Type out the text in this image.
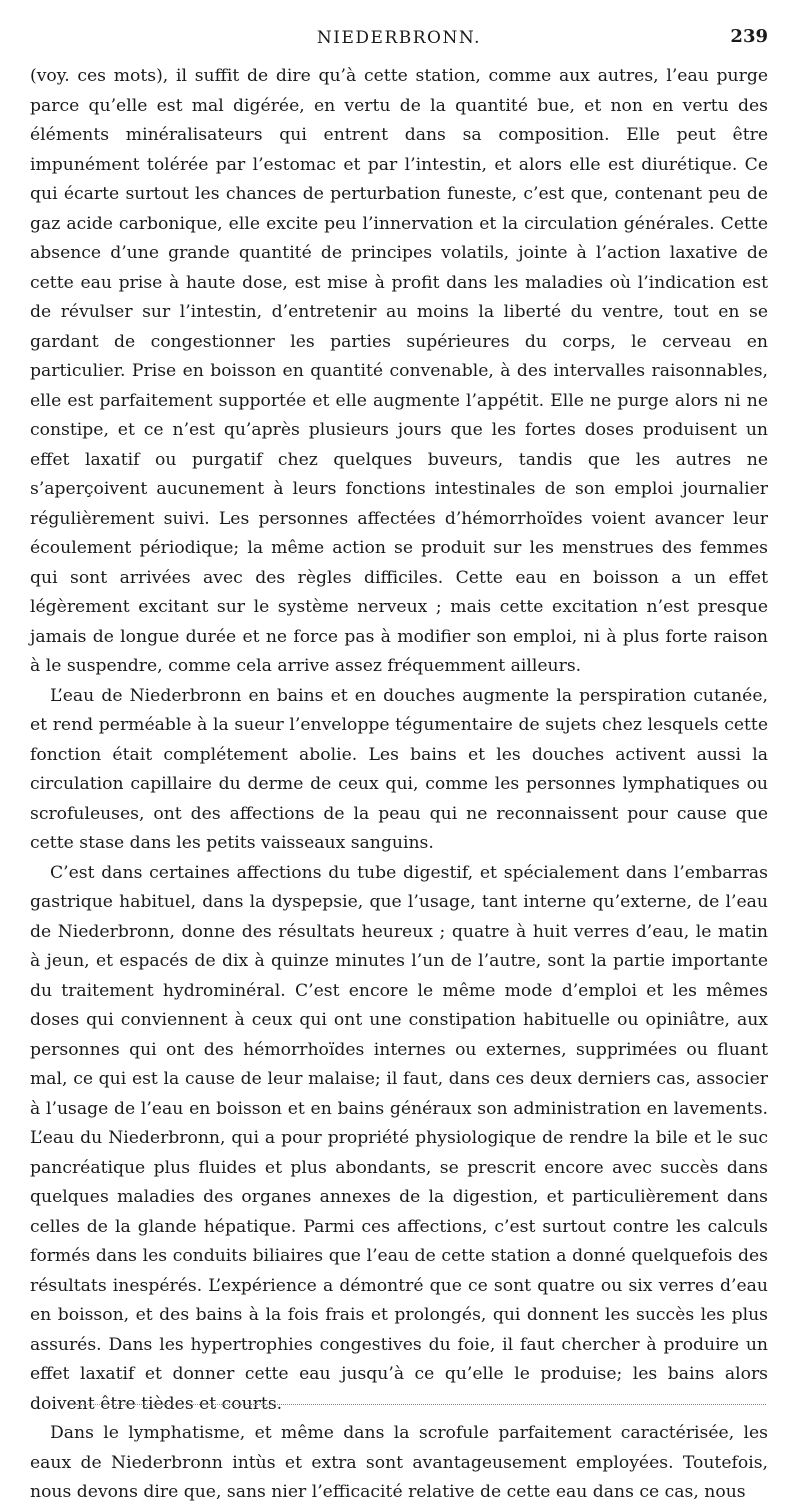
NIEDERBRONN.	239

(voy. ces mots), il suffit de dire qu’à cette station, comme aux autres, l’eau purge parce qu’elle est mal digérée, en vertu de la quantité bue, et non en vertu des éléments minéralisateurs qui entrent dans sa composition. Elle peut être impunément tolérée par l’estomac et par l’intestin, et alors elle est diurétique. Ce qui écarte surtout les chances de perturbation funeste, c’est que, contenant peu de gaz acide carbonique, elle excite peu l’innervation et la circulation générales. Cette absence d’une grande quantité de principes volatils, jointe à l’action laxative de cette eau prise à haute dose, est mise à profit dans les maladies où l’indication est de révulser sur l’intestin, d’entretenir au moins la liberté du ventre, tout en se gardant de congestionner les parties supérieures du corps, le cerveau en particulier. Prise en boisson en quantité convenable, à des intervalles raisonnables, elle est parfaitement supportée et elle augmente l’appétit. Elle ne purge alors ni ne constipe, et ce n’est qu’après plusieurs jours que les fortes doses produisent un effet laxatif ou purgatif chez quelques buveurs, tandis que les autres ne s’aperçoivent aucunement à leurs fonctions intestinales de son emploi journalier régulièrement suivi. Les personnes affectées d’hémorrhoïdes voient avancer leur écoulement périodique; la même action se produit sur les menstrues des femmes qui sont arrivées avec des règles difficiles. Cette eau en boisson a un effet légèrement excitant sur le système nerveux ; mais cette excitation n’est presque jamais de longue durée et ne force pas à modifier son emploi, ni à plus forte raison à le suspendre, comme cela arrive assez fréquemment ailleurs.

L’eau de Niederbronn en bains et en douches augmente la perspiration cutanée, et rend perméable à la sueur l’enveloppe tégumentaire de sujets chez lesquels cette fonction était complétement abolie. Les bains et les douches activent aussi la circulation capillaire du derme de ceux qui, comme les personnes lymphatiques ou scrofuleuses, ont des affections de la peau qui ne reconnaissent pour cause que cette stase dans les petits vaisseaux sanguins.

C’est dans certaines affections du tube digestif, et spécialement dans l’embarras gastrique habituel, dans la dyspepsie, que l’usage, tant interne qu’externe, de l’eau de Niederbronn, donne des résultats heureux ; quatre à huit verres d’eau, le matin à jeun, et espacés de dix à quinze minutes l’un de l’autre, sont la partie importante du traitement hydrominéral. C’est encore le même mode d’emploi et les mêmes doses qui conviennent à ceux qui ont une constipation habituelle ou opiniâtre, aux personnes qui ont des hémorrhoïdes internes ou externes, supprimées ou fluant mal, ce qui est la cause de leur malaise; il faut, dans ces deux derniers cas, associer à l’usage de l’eau en boisson et en bains généraux son administration en lavements. L’eau du Niederbronn, qui a pour propriété physiologique de rendre la bile et le suc pancréatique plus fluides et plus abondants, se prescrit encore avec succès dans quelques maladies des organes annexes de la digestion, et particulièrement dans celles de la glande hépatique. Parmi ces affections, c’est surtout contre les calculs formés dans les conduits biliaires que l’eau de cette station a donné quelquefois des résultats inespérés. L’expérience a démontré que ce sont quatre ou six verres d’eau en boisson, et des bains à la fois frais et prolongés, qui donnent les succès les plus assurés. Dans les hypertrophies congestives du foie, il faut chercher à produire un effet laxatif et donner cette eau jusqu’à ce qu’elle le produise; les bains alors doivent être tièdes et courts.

Dans le lymphatisme, et même dans la scrofule parfaitement caractérisée, les eaux de Niederbronn intùs et extra sont avantageusement employées. Toutefois, nous devons dire que, sans nier l’efficacité relative de cette eau dans ce cas, nous
